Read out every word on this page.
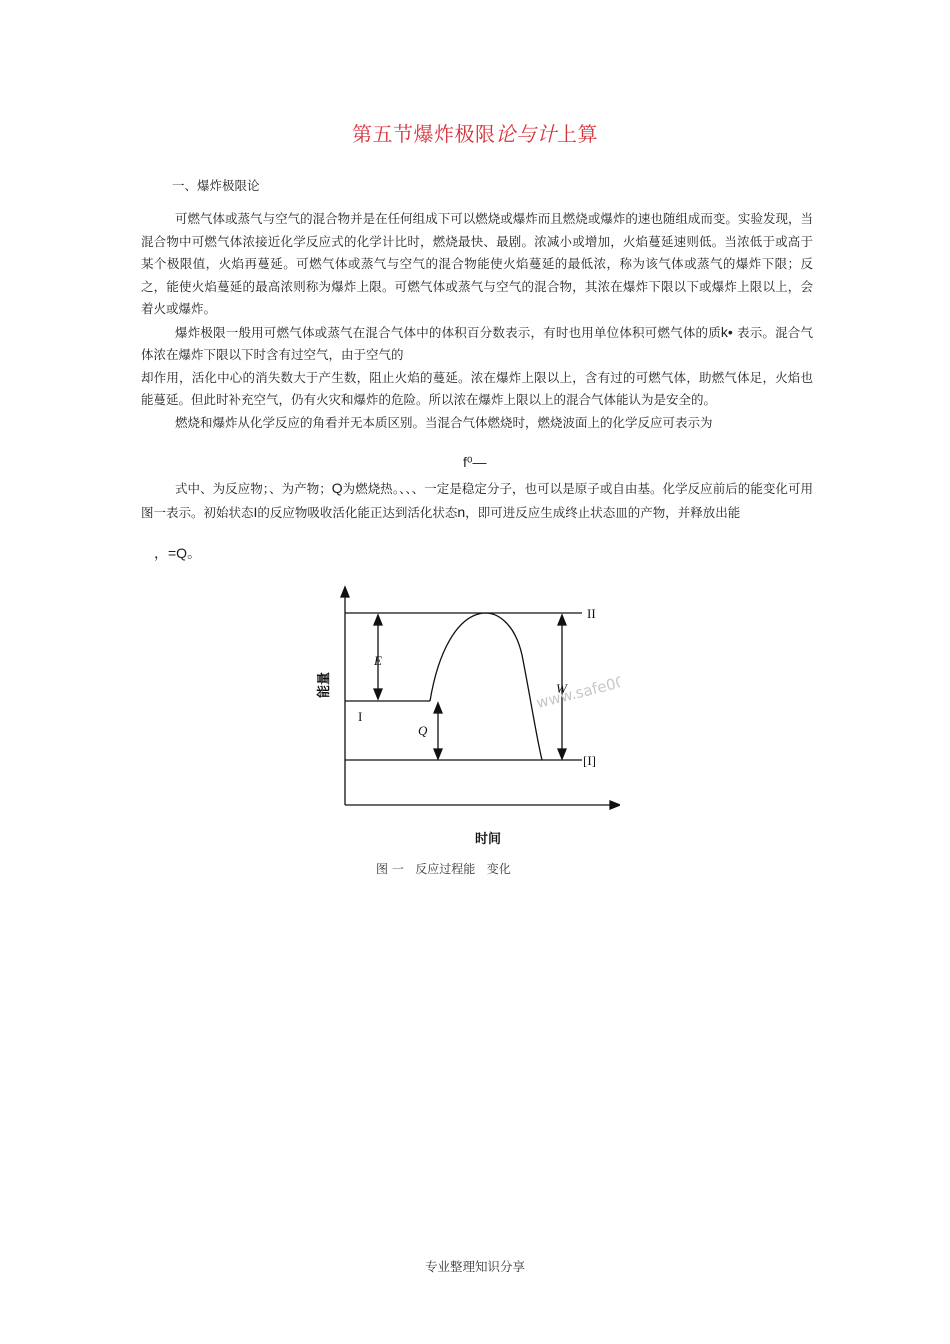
第五节爆炸极限论与计上算
一、爆炸极限论

可燃气体或蒸气与空气的混合物并是在任何组成下可以燃烧或爆炸而且燃烧或爆炸的速也随组成而变。实验发现，当混合物中可燃气体浓接近化学反应式的化学计比时，燃烧最快、最剧。浓减小或增加，火焰蔓延速则低。当浓低于或高于某个极限值，火焰再蔓延。可燃气体或蒸气与空气的混合物能使火焰蔓延的最低浓，称为该气体或蒸气的爆炸下限；反之，能使火焰蔓延的最高浓则称为爆炸上限。可燃气体或蒸气与空气的混合物，其浓在爆炸下限以下或爆炸上限以上，会着火或爆炸。

爆炸极限一般用可燃气体或蒸气在混合气体中的体积百分数表示，有时也用单位体积可燃气体的质k• 表示。混合气体浓在爆炸下限以下时含有过空气，由于空气的

却作用，活化中心的消失数大于产生数，阻止火焰的蔓延。浓在爆炸上限以上，含有过的可燃气体，助燃气体足，火焰也能蔓延。但此时补充空气，仍有火灾和爆炸的危险。所以浓在爆炸上限以上的混合气体能认为是安全的。

燃烧和爆炸从化学反应的角看并无本质区别。当混合气体燃烧时，燃烧波面上的化学反应可表示为

f⁰—

式中、为反应物；、为产物；Q为燃烧热。、、、一定是稳定分子，也可以是原子或自由基。化学反应前后的能变化可用图一表示。初始状态I的反应物吸收活化能正达到活化状态n，即可进反应生成终止状态皿的产物，并释放出能

，=Q。
www.safe001.com
E
W
Q
I
II
[I]
能量
时间
图 一   反应过程能   变化
专业整理知识分享
